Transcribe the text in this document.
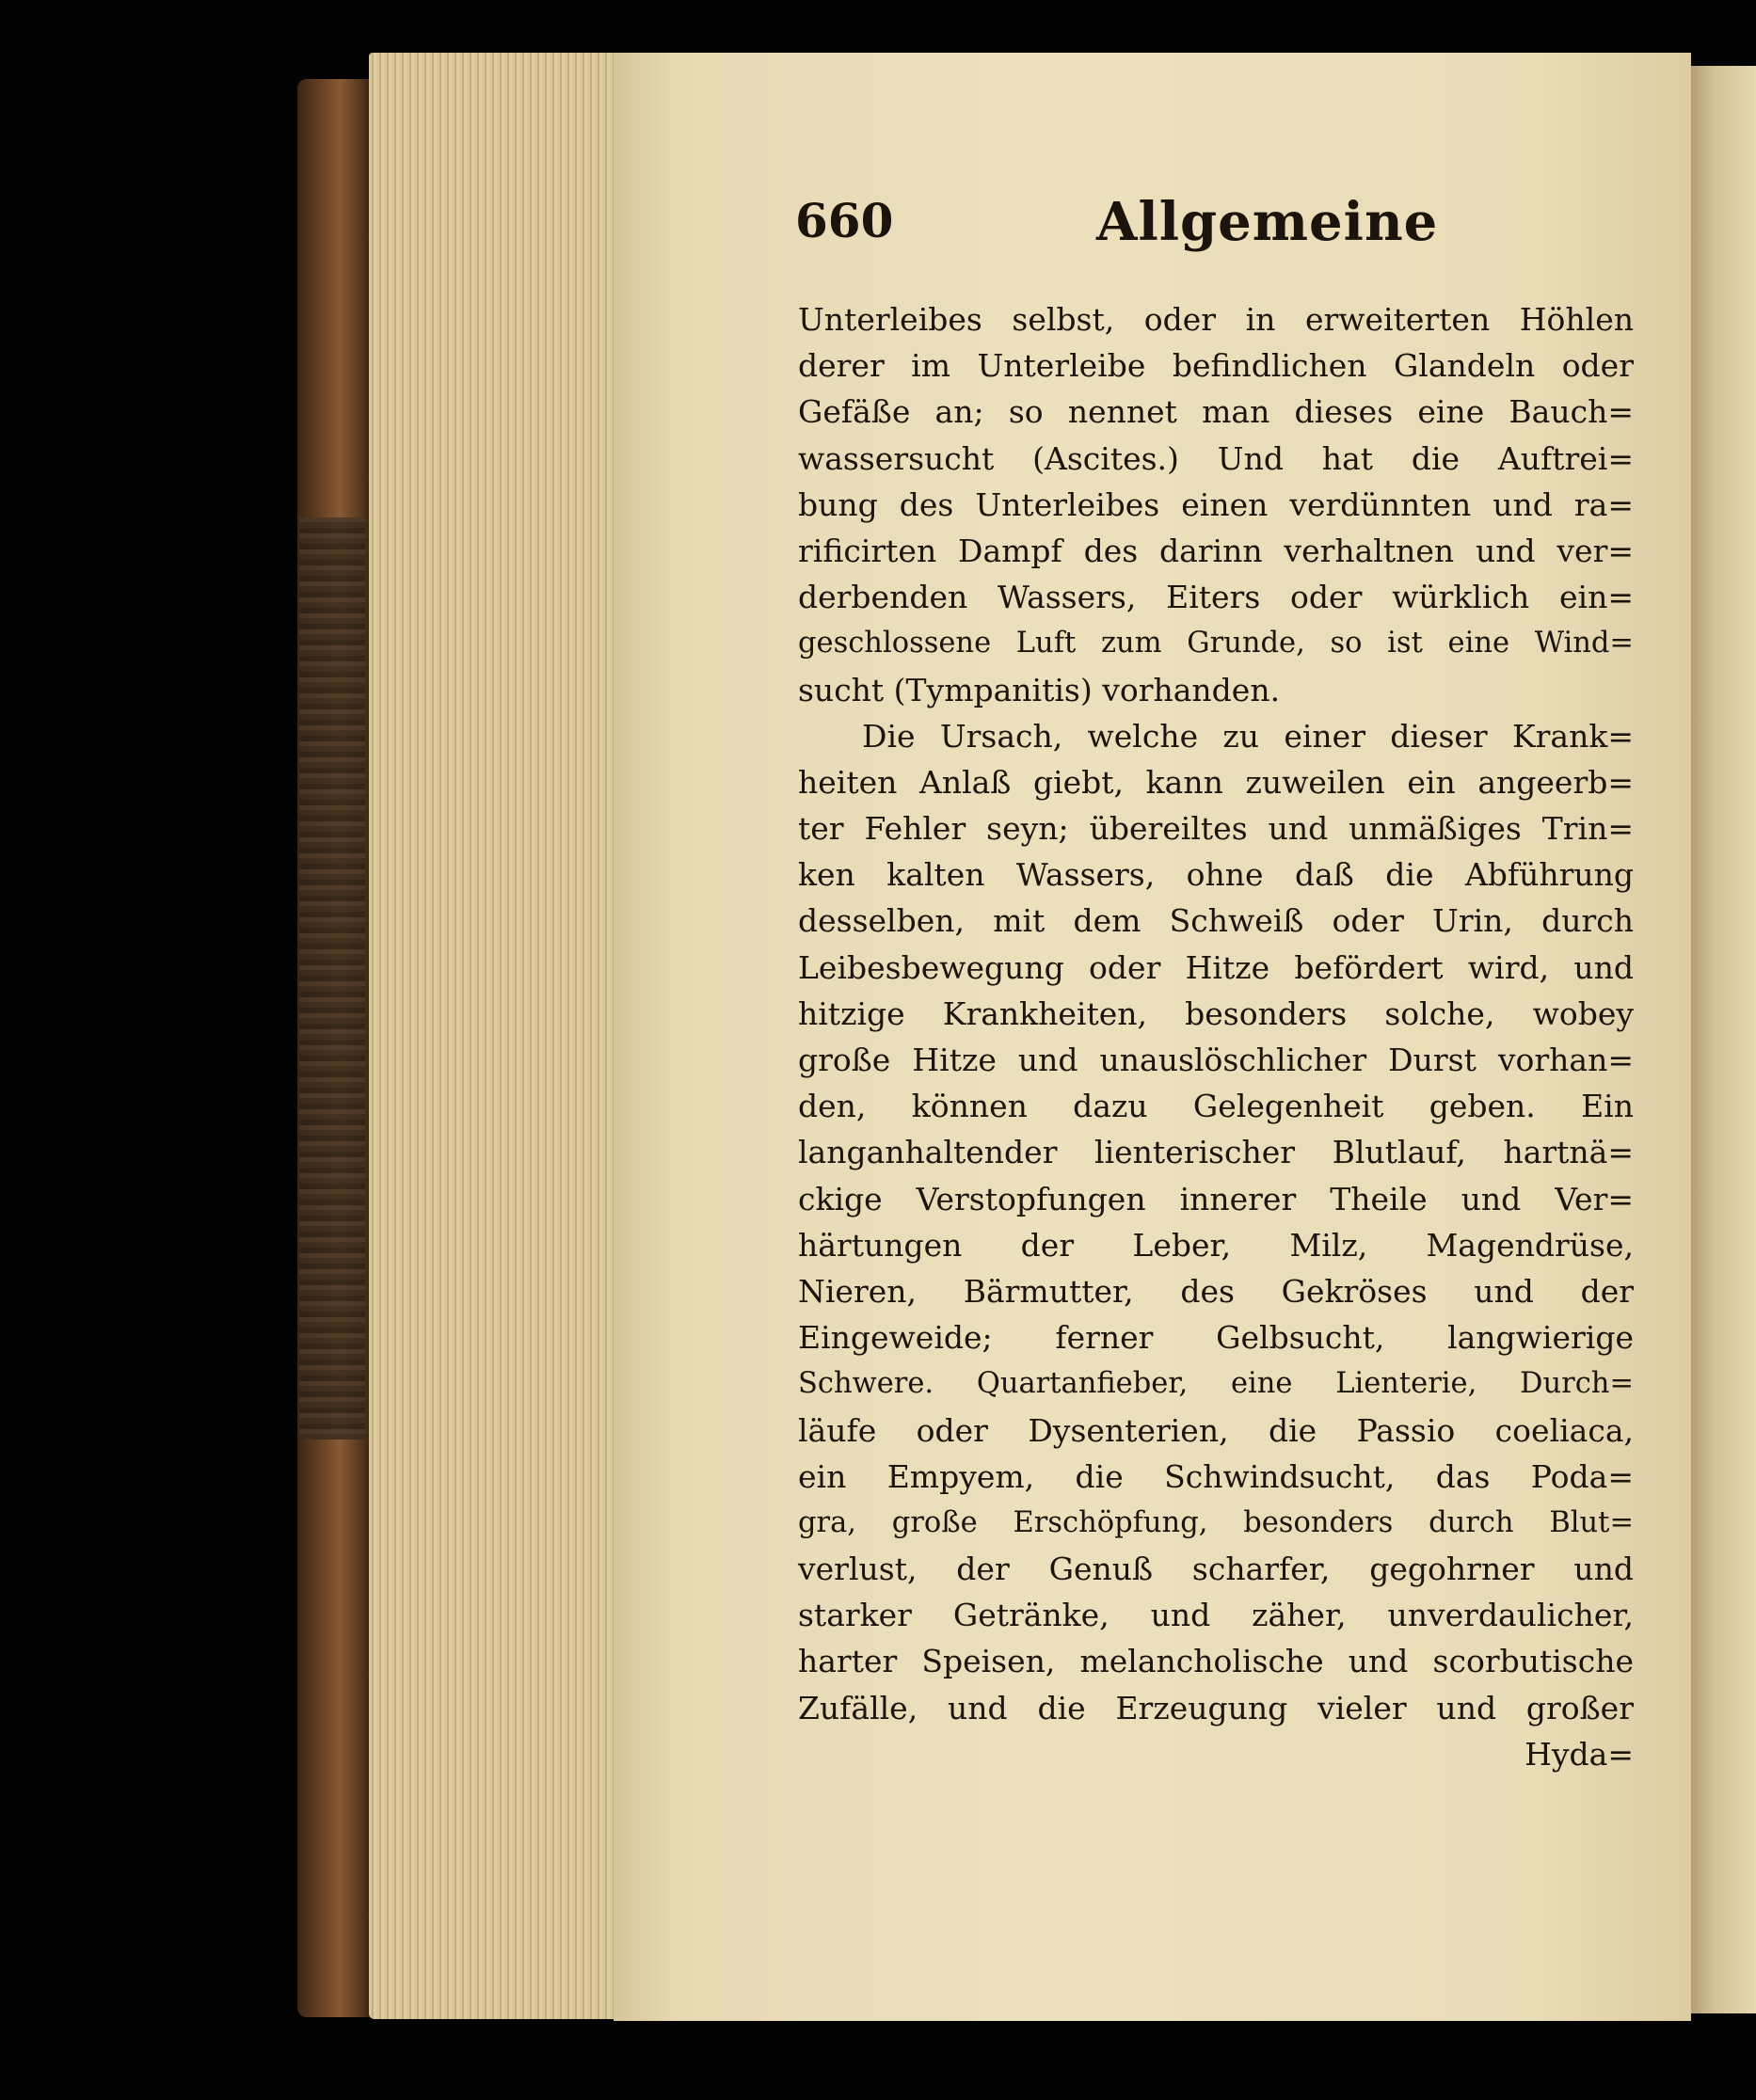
660	Allgemeine
Unterleibes selbst, oder in erweiterten Höhlen
derer im Unterleibe befindlichen Glandeln oder
Gefäße an; so nennet man dieses eine Bauch=
wassersucht (Ascites.) Und hat die Auftrei=
bung des Unterleibes einen verdünnten und ra=
rificirten Dampf des darinn verhaltnen und ver=
derbenden Wassers, Eiters oder würklich ein=
geschlossene Luft zum Grunde, so ist eine Wind=
sucht (Tympanitis) vorhanden.
Die Ursach, welche zu einer dieser Krank=
heiten Anlaß giebt, kann zuweilen ein angeerb=
ter Fehler seyn; übereiltes und unmäßiges Trin=
ken kalten Wassers, ohne daß die Abführung
desselben, mit dem Schweiß oder Urin, durch
Leibesbewegung oder Hitze befördert wird, und
hitzige Krankheiten, besonders solche, wobey
große Hitze und unauslöschlicher Durst vorhan=
den, können dazu Gelegenheit geben. Ein
langanhaltender lienterischer Blutlauf, hartnä=
ckige Verstopfungen innerer Theile und Ver=
härtungen der Leber, Milz, Magendrüse,
Nieren, Bärmutter, des Gekröses und der
Eingeweide; ferner Gelbsucht, langwierige
Schwere. Quartanfieber, eine Lienterie, Durch=
läufe oder Dysenterien, die Passio coeliaca,
ein Empyem, die Schwindsucht, das Poda=
gra, große Erschöpfung, besonders durch Blut=
verlust, der Genuß scharfer, gegohrner und
starker Getränke, und zäher, unverdaulicher,
harter Speisen, melancholische und scorbutische
Zufälle, und die Erzeugung vieler und großer
Hyda=
